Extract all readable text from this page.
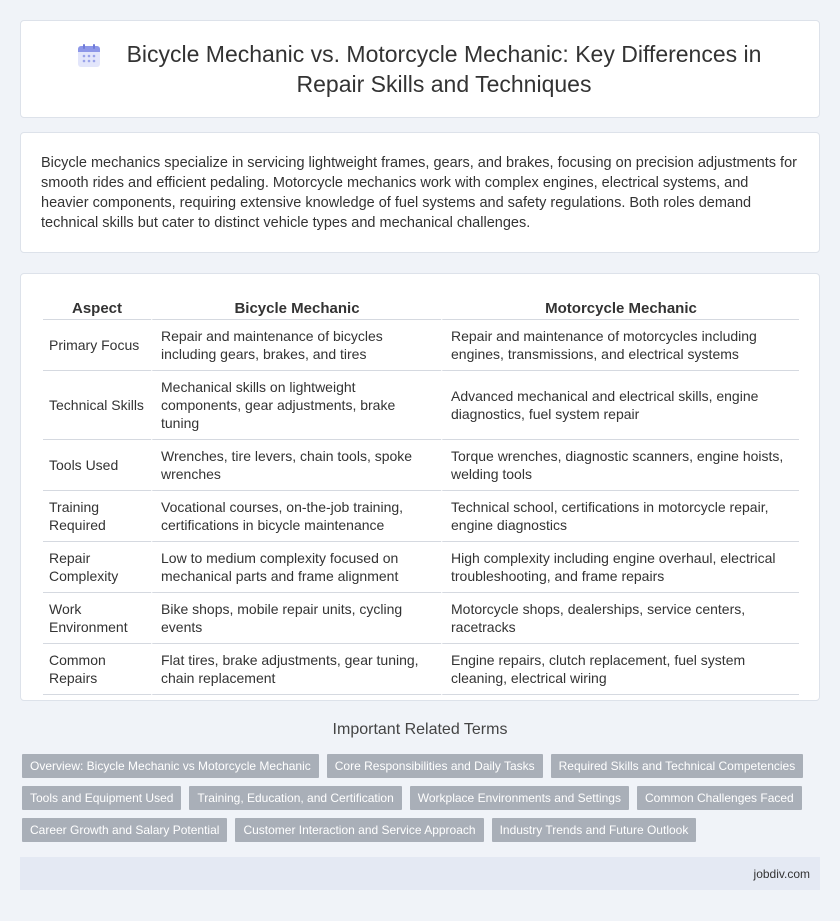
Bicycle Mechanic vs. Motorcycle Mechanic: Key Differences in Repair Skills and Techniques

Bicycle mechanics specialize in servicing lightweight frames, gears, and brakes, focusing on precision adjustments for smooth rides and efficient pedaling. Motorcycle mechanics work with complex engines, electrical systems, and heavier components, requiring extensive knowledge of fuel systems and safety regulations. Both roles demand technical skills but cater to distinct vehicle types and mechanical challenges.

Aspect	Bicycle Mechanic	Motorcycle Mechanic
Primary Focus	Repair and maintenance of bicycles including gears, brakes, and tires	Repair and maintenance of motorcycles including engines, transmissions, and electrical systems
Technical Skills	Mechanical skills on lightweight components, gear adjustments, brake tuning	Advanced mechanical and electrical skills, engine diagnostics, fuel system repair
Tools Used	Wrenches, tire levers, chain tools, spoke wrenches	Torque wrenches, diagnostic scanners, engine hoists, welding tools
Training Required	Vocational courses, on-the-job training, certifications in bicycle maintenance	Technical school, certifications in motorcycle repair, engine diagnostics
Repair Complexity	Low to medium complexity focused on mechanical parts and frame alignment	High complexity including engine overhaul, electrical troubleshooting, and frame repairs
Work Environment	Bike shops, mobile repair units, cycling events	Motorcycle shops, dealerships, service centers, racetracks
Common Repairs	Flat tires, brake adjustments, gear tuning, chain replacement	Engine repairs, clutch replacement, fuel system cleaning, electrical wiring
Important Related Terms
Overview: Bicycle Mechanic vs Motorcycle Mechanic	Core Responsibilities and Daily Tasks	Required Skills and Technical Competencies
Tools and Equipment Used	Training, Education, and Certification	Workplace Environments and Settings	Common Challenges Faced
Career Growth and Salary Potential	Customer Interaction and Service Approach	Industry Trends and Future Outlook
jobdiv.com
